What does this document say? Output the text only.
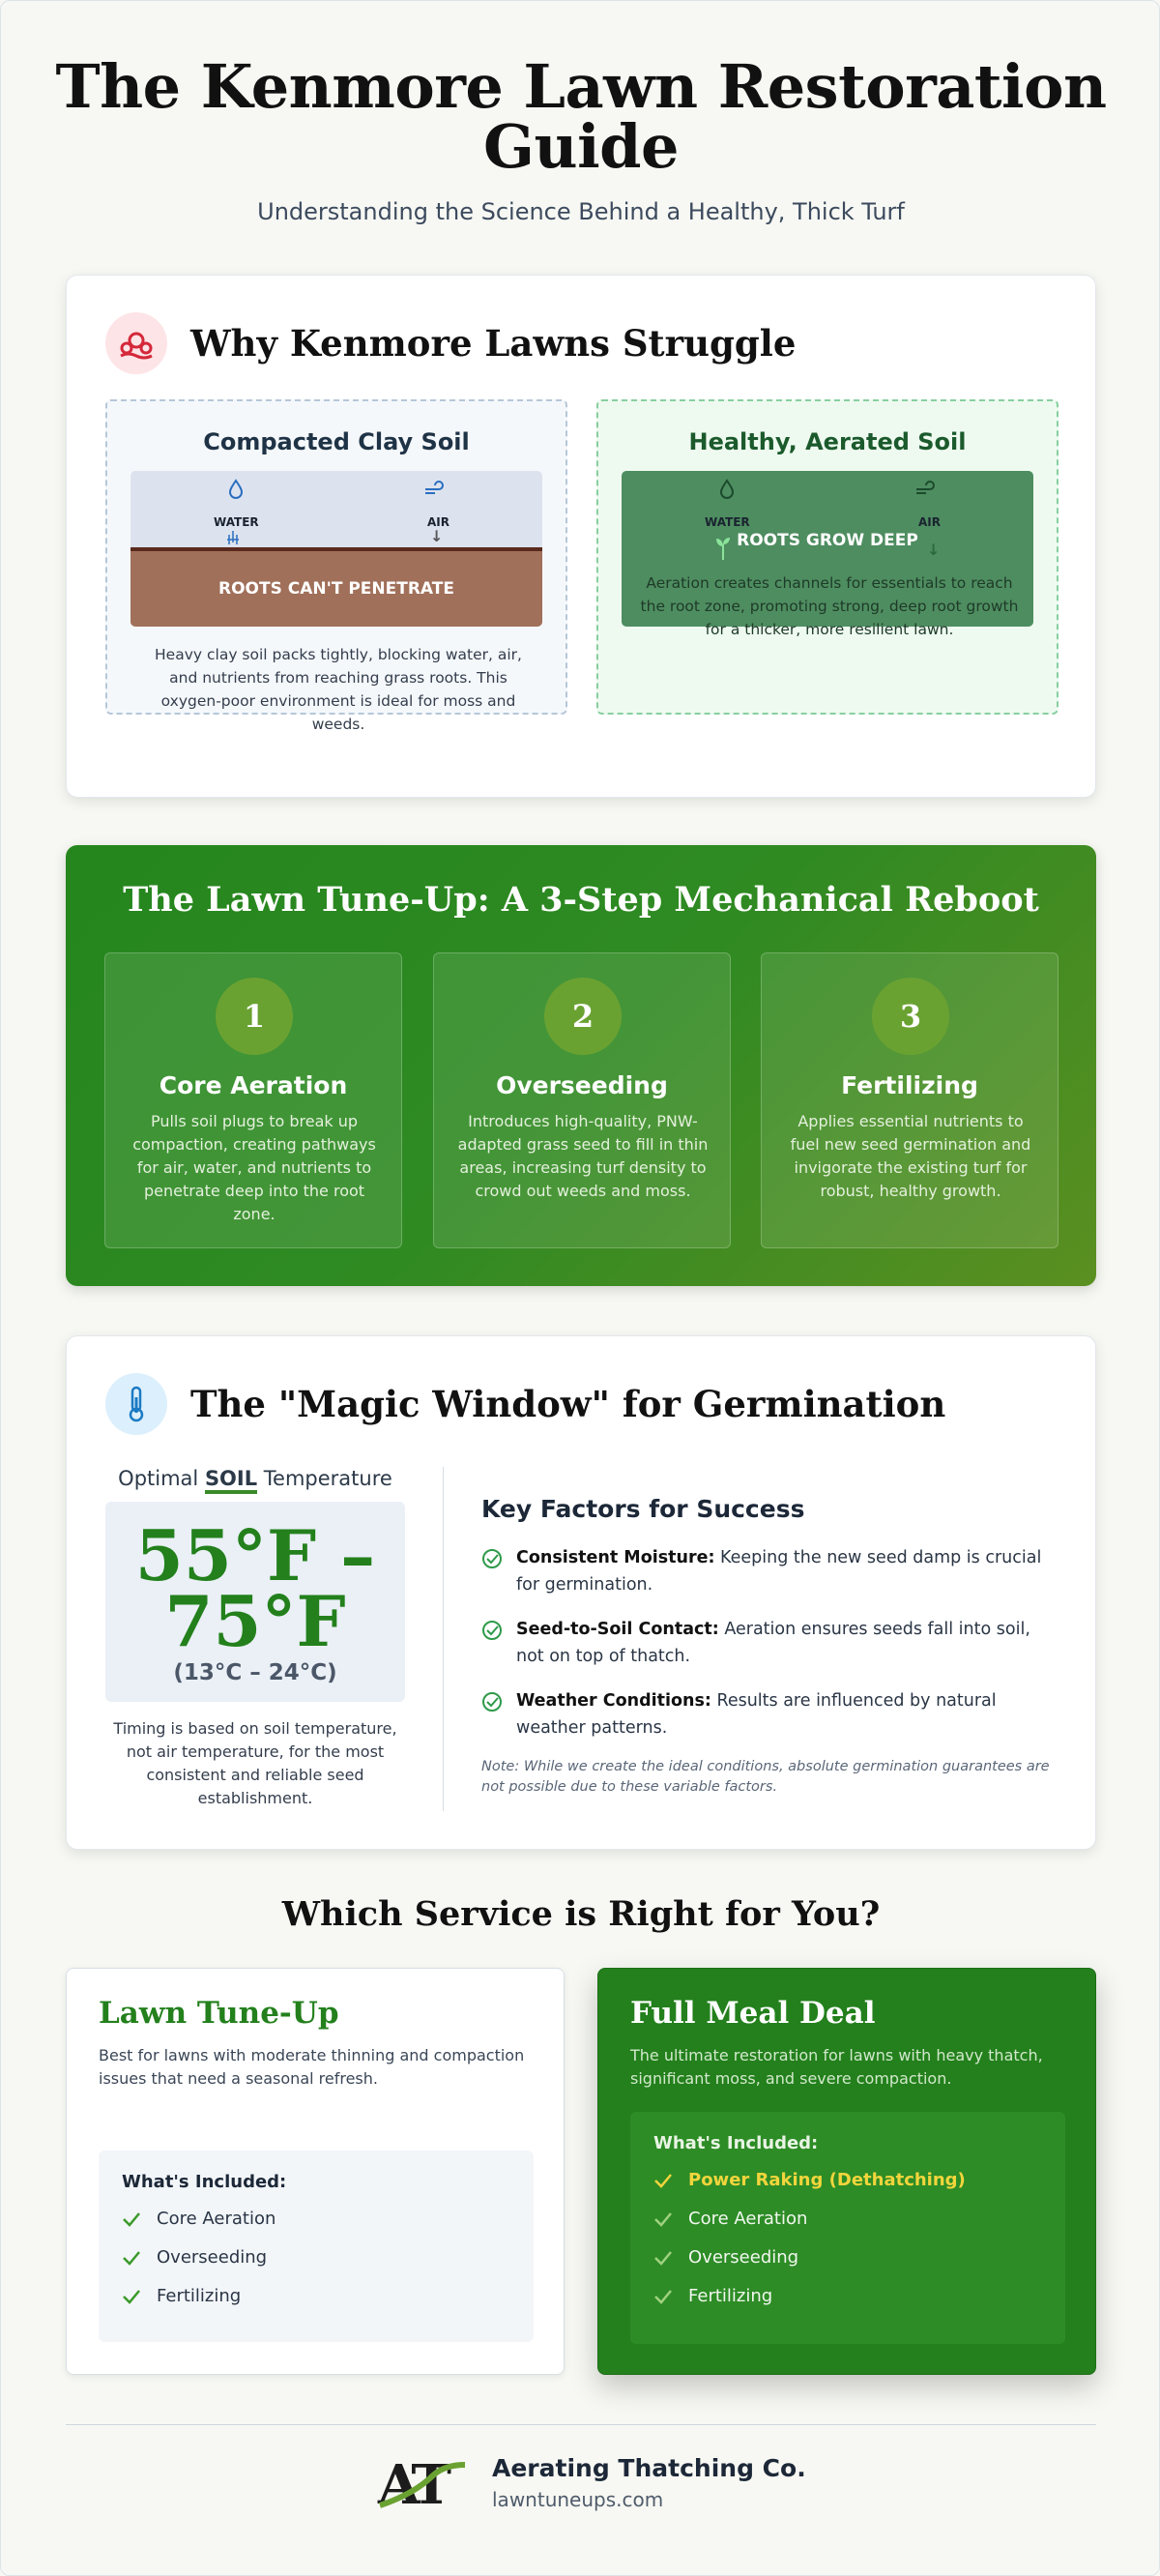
The Kenmore Lawn Restoration Guide

Understanding the Science Behind a Healthy, Thick Turf

Why Kenmore Lawns Struggle
Compacted Clay Soil
WATER	AIR
↓
ROOTS CAN'T PENETRATE

Heavy clay soil packs tightly, blocking water, air, and nutrients from reaching grass roots. This oxygen-poor environment is ideal for moss and weeds.

Healthy, Aerated Soil
WATER	AIR
↓
ROOTS GROW DEEP

Aeration creates channels for essentials to reach the root zone, promoting strong, deep root growth for a thicker, more resilient lawn.

The Lawn Tune-Up: A 3-Step Mechanical Reboot
1
Core Aeration

Pulls soil plugs to break up compaction, creating pathways for air, water, and nutrients to penetrate deep into the root zone.

2
Overseeding

Introduces high-quality, PNW-adapted grass seed to fill in thin areas, increasing turf density to crowd out weeds and moss.

3
Fertilizing

Applies essential nutrients to fuel new seed germination and invigorate the existing turf for robust, healthy growth.

The "Magic Window" for Germination
Optimal SOIL Temperature
55°F – 75°F
(13°C – 24°C)

Timing is based on soil temperature, not air temperature, for the most consistent and reliable seed establishment.

Key Factors for Success
Consistent Moisture: Keeping the new seed damp is crucial for germination.
Seed-to-Soil Contact: Aeration ensures seeds fall into soil, not on top of thatch.
Weather Conditions: Results are influenced by natural weather patterns.

Note: While we create the ideal conditions, absolute germination guarantees are not possible due to these variable factors.

Which Service is Right for You?
Lawn Tune-Up

Best for lawns with moderate thinning and compaction issues that need a seasonal refresh.

What's Included:
Core Aeration
Overseeding
Fertilizing
Full Meal Deal

The ultimate restoration for lawns with heavy thatch, significant moss, and severe compaction.

What's Included:
Power Raking (Dethatching)
Core Aeration
Overseeding
Fertilizing
AT Aerating Thatching Co.
lawntuneups.com
